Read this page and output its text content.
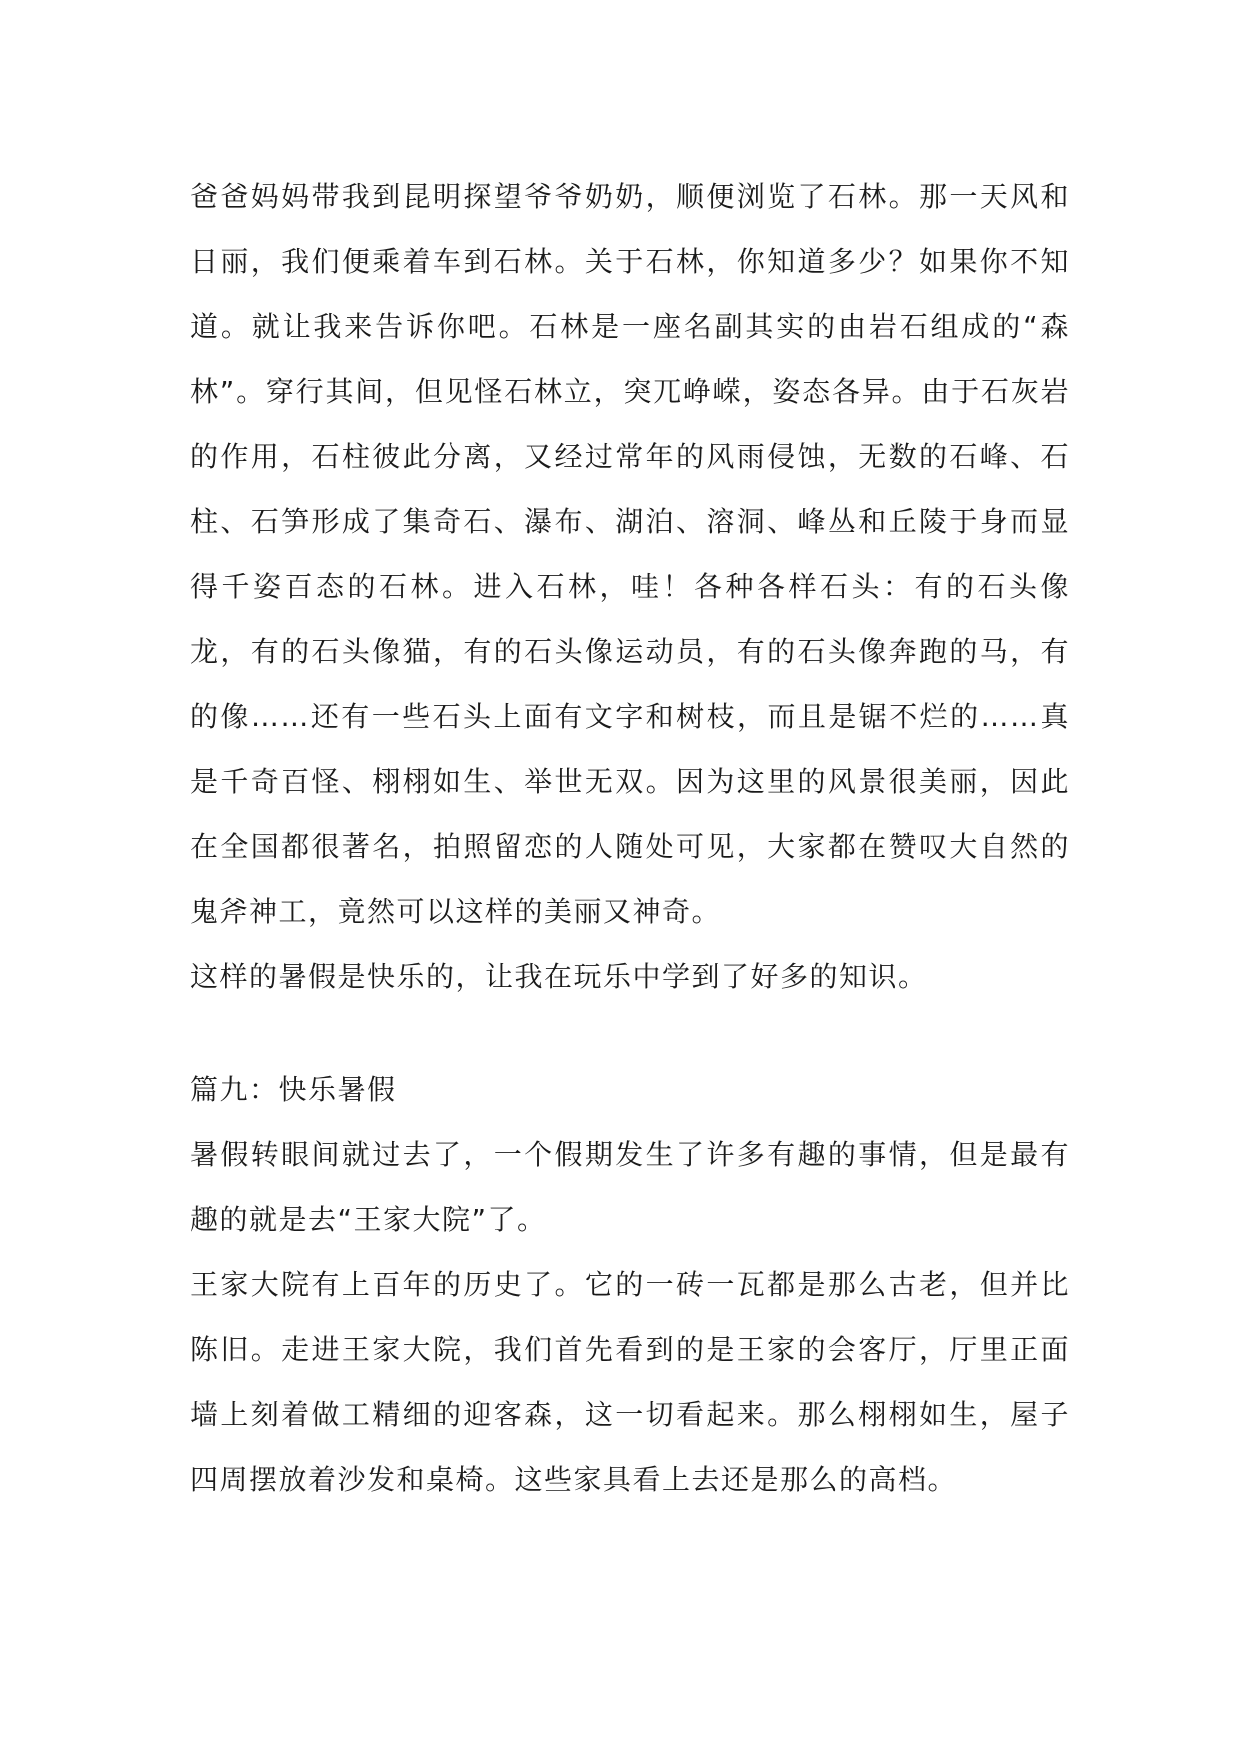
爸爸妈妈带我到昆明探望爷爷奶奶，顺便浏览了石林。那一天风和日丽，我们便乘着车到石林。关于石林，你知道多少？如果你不知道。就让我来告诉你吧。石林是一座名副其实的由岩石组成的“森林”。穿行其间，但见怪石林立，突兀峥嵘，姿态各异。由于石灰岩的作用，石柱彼此分离，又经过常年的风雨侵蚀，无数的石峰、石柱、石笋形成了集奇石、瀑布、湖泊、溶洞、峰丛和丘陵于身而显得千姿百态的石林。进入石林，哇！各种各样石头：有的石头像龙，有的石头像猫，有的石头像运动员，有的石头像奔跑的马，有的像……还有一些石头上面有文字和树枝，而且是锯不烂的……真是千奇百怪、栩栩如生、举世无双。因为这里的风景很美丽，因此在全国都很著名，拍照留恋的人随处可见，大家都在赞叹大自然的鬼斧神工，竟然可以这样的美丽又神奇。

这样的暑假是快乐的，让我在玩乐中学到了好多的知识。

篇九：快乐暑假

暑假转眼间就过去了，一个假期发生了许多有趣的事情，但是最有趣的就是去“王家大院”了。

王家大院有上百年的历史了。它的一砖一瓦都是那么古老，但并比陈旧。走进王家大院，我们首先看到的是王家的会客厅，厅里正面墙上刻着做工精细的迎客森，这一切看起来。那么栩栩如生，屋子四周摆放着沙发和桌椅。这些家具看上去还是那么的高档。
